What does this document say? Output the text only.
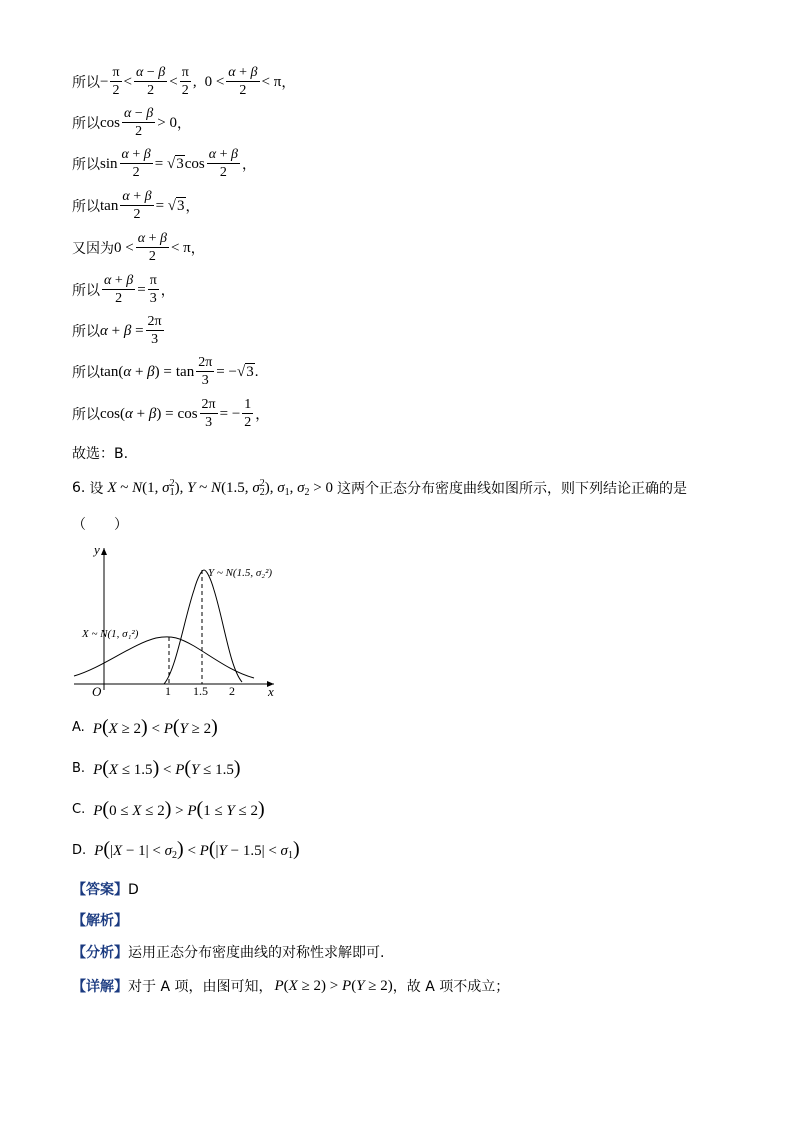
所以 − $\frac{\pi}{2} < \frac{\alpha - \beta}{2} < \frac{\pi}{2}$ , $0 < \frac{\alpha + \beta}{2} < \pi$ ，
所以 $\cos \frac{\alpha - \beta}{2} > 0$ ，
所以 $\sin \frac{\alpha + \beta}{2} = √3$ $\cos \frac{\alpha + \beta}{2}$ ，
所以 $\tan \frac{\alpha + \beta}{2} = √3$ ，
又因为 $0 < \frac{\alpha + \beta}{2} < \pi$ ，
所以 $\frac{\alpha + \beta}{2} = \frac{\pi}{3}$ ，
所以 $\alpha + \beta = \frac{2\pi}{3}$
所以 $\tan(\alpha + \beta) = \tan \frac{2\pi}{3} = -√3$ .
所以 $\cos(\alpha + \beta) = \cos \frac{2\pi}{3}$ = − $\frac{1}{2}$ ，
故选：B.
6. 设 X ~ N(1, $\sigma_1^2$), Y ~ N(1.5, $\sigma_2^2$), $\sigma_1$, $\sigma_2 > 0$ 这两个正态分布密度曲线如图所示，则下列结论正确的是
（　　）
y
x
O	1 1.5 2
X ~ N(1, σ₁²)
Y ~ N(1.5, σ₂²)
A. P(X ≥ 2) < P(Y ≥ 2)
B. P(X ≤ 1.5) < P(Y ≤ 1.5)
C. P(0 ≤ X ≤ 2) > P(1 ≤ Y ≤ 2)
D. $P(|X - 1| < \sigma_2) < P(|Y - 1.5| < \sigma_1)$
【答案】D
【解析】
【分析】运用正态分布密度曲线的对称性求解即可.
【详解】 对于 A 项，由图可知， P(X ≥ 2) > P(Y ≥ 2) ，故 A 项不成立；
